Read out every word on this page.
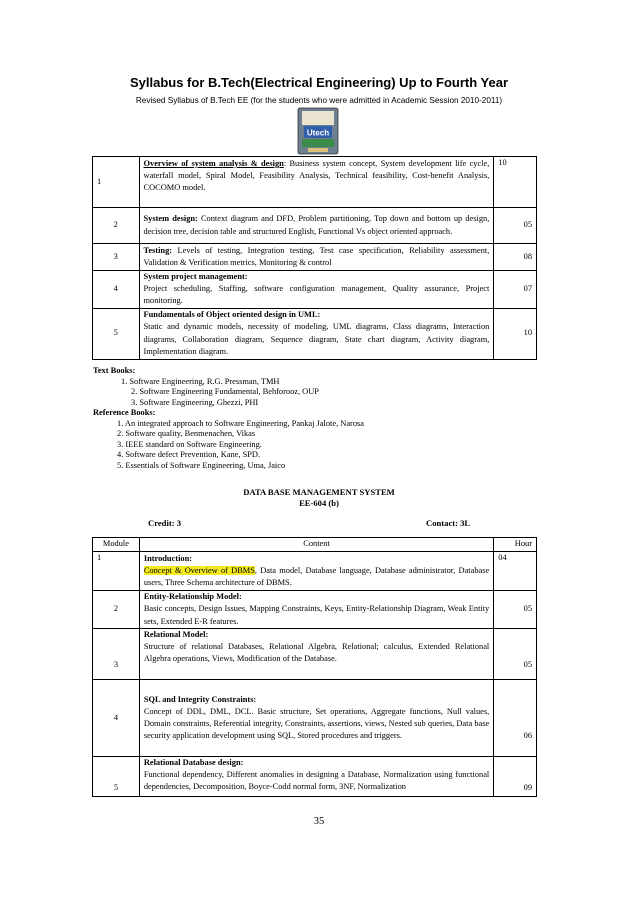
Syllabus for B.Tech(Electrical Engineering) Up to Fourth Year
Revised Syllabus of B.Tech EE (for the students who were admitted in Academic Session 2010-2011)
Utech
1	Overview of system analysis & design: Business system concept, System development life cycle, waterfall model, Spiral Model, Feasibility Analysis, Technical feasibility, Cost-benefit Analysis, COCOMO model.	10
2	System design: Context diagram and DFD, Problem partitioning, Top down and bottom up design, decision tree, decision table and structured English, Functional Vs object oriented approach.	05
3	Testing: Levels of testing, Integration testing, Test case specification, Reliability assessment, Validation & Verification metrics, Monitoring & control	08
4	System project management:
Project scheduling, Staffing, software configuration management, Quality assurance, Project monitoring.	07
5	Fundamentals of Object oriented design in UML:
Static and dynamic models, necessity of modeling, UML diagrams, Class diagrams, Interaction diagrams, Collaboration diagram, Sequence diagram, State chart diagram, Activity diagram, Implementation diagram.	10
Text Books:
1. Software Engineering, R.G. Pressman, TMH
2. Software Engineering Fundamental, Behforooz, OUP
3. Software Engineering, Ghezzi, PHI
Reference Books:
1. An integrated approach to Software Engineering, Pankaj Jalote, Narosa
2. Software quality, Benmenachen, Vikas
3. IEEE standard on Software Engineering.
4. Software defect Prevention, Kane, SPD.
5. Essentials of Software Engineering, Uma, Jaico
DATA BASE MANAGEMENT SYSTEM
EE-604 (b)
Credit: 3	Contact: 3L
Module	Content	Hour
1	Introduction:
Concept & Overview of DBMS, Data model, Database language, Database administrator, Database users, Three Schema architecture of DBMS.	04
2	Entity-Relationship Model:
Basic concepts, Design Issues, Mapping Constraints, Keys, Entity-Relationship Diagram, Weak Entity sets, Extended E-R features.	05
3	Relational Model:
Structure of relational Databases, Relational Algebra, Relational; calculus, Extended Relational Algebra operations, Views, Modification of the Database.	05
4	SQL and Integrity Constraints:
Concept of DDL, DML, DCL. Basic structure, Set operations, Aggregate functions, Null values, Domain constraints, Referential integrity, Constraints, assertions, views, Nested sub queries, Data base security application development using SQL, Stored procedures and triggers.	06
5	Relational Database design:
Functional dependency, Different anomalies in designing a Database, Normalization using functional dependencies, Decomposition, Boyce-Codd normal form, 3NF, Normalization	09
35
